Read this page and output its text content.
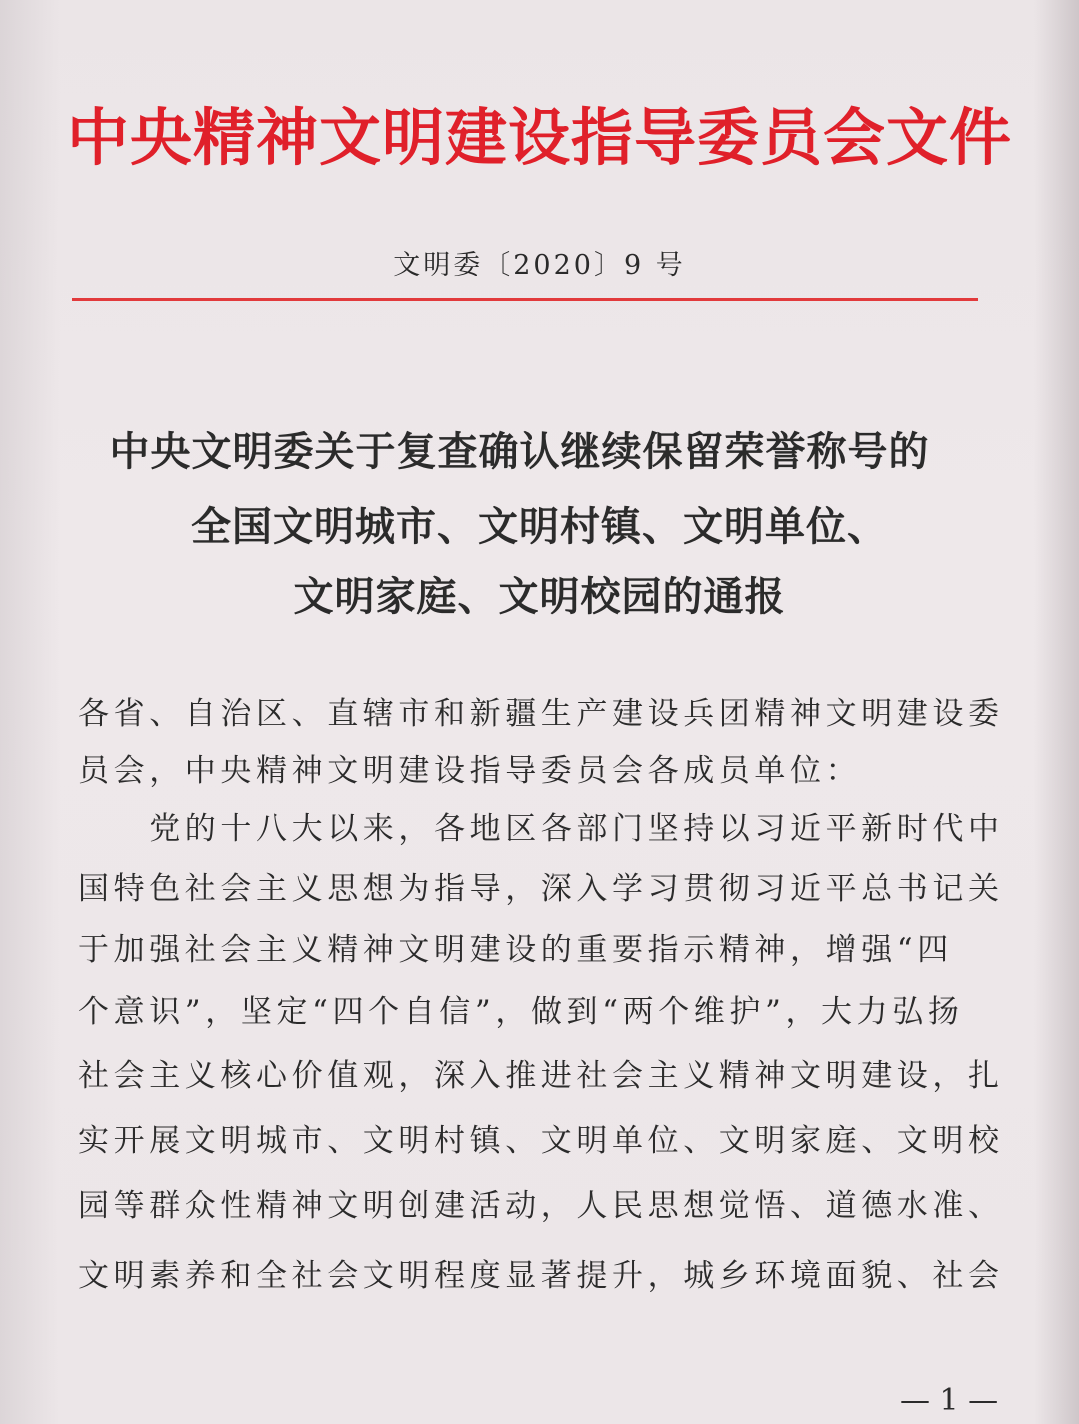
中央精神文明建设指导委员会文件
文明委〔2020〕9 号
中央文明委关于复查确认继续保留荣誉称号的
全国文明城市、文明村镇、文明单位、
文明家庭、文明校园的通报
各省、自治区、直辖市和新疆生产建设兵团精神文明建设委
员会，中央精神文明建设指导委员会各成员单位：
　　党的十八大以来，各地区各部门坚持以习近平新时代中
国特色社会主义思想为指导，深入学习贯彻习近平总书记关
于加强社会主义精神文明建设的重要指示精神，增强“四
个意识”，坚定“四个自信”，做到“两个维护”，大力弘扬
社会主义核心价值观，深入推进社会主义精神文明建设，扎
实开展文明城市、文明村镇、文明单位、文明家庭、文明校
园等群众性精神文明创建活动，人民思想觉悟、道德水准、
文明素养和全社会文明程度显著提升，城乡环境面貌、社会
— 1 —
